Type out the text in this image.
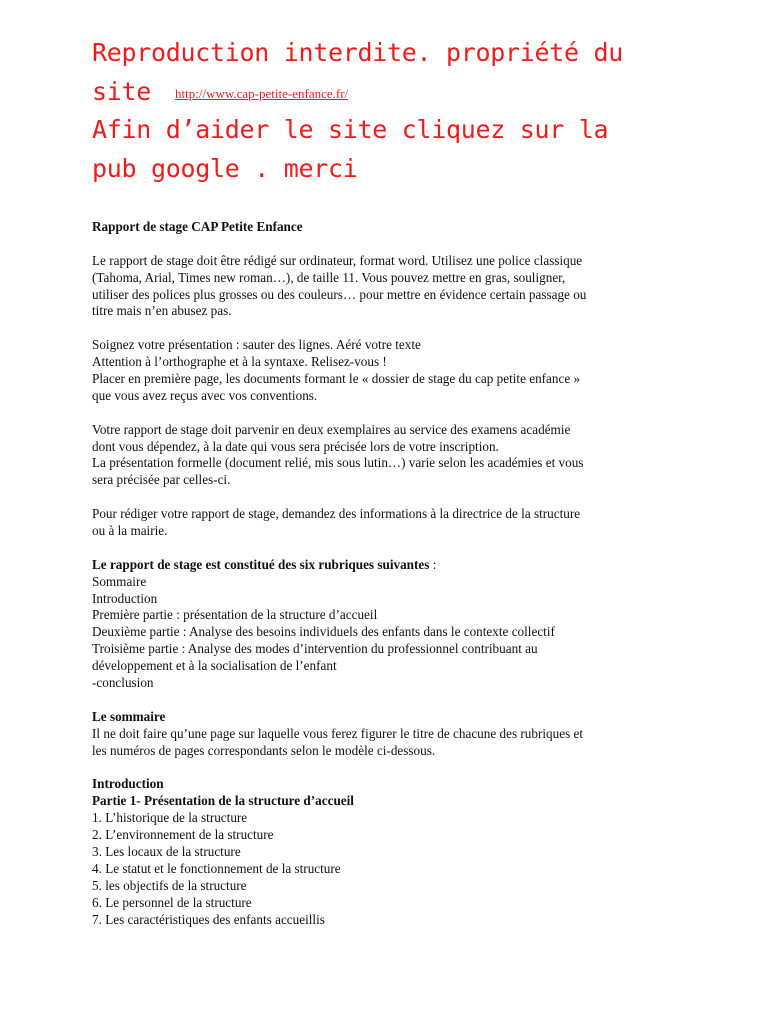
Reproduction interdite. propriété du
site http://www.cap-petite-enfance.fr/
Afin d’aider le site cliquez sur la
pub google . merci
Rapport de stage CAP Petite Enfance
Le rapport de stage doit être rédigé sur ordinateur, format word. Utilisez une police classique
(Tahoma, Arial, Times new roman…), de taille 11. Vous pouvez mettre en gras, souligner,
utiliser des polices plus grosses ou des couleurs… pour mettre en évidence certain passage ou
titre mais n’en abusez pas.
Soignez votre présentation : sauter des lignes. Aéré votre texte
Attention à l’orthographe et à la syntaxe. Relisez-vous !
Placer en première page, les documents formant le « dossier de stage du cap petite enfance »
que vous avez reçus avec vos conventions.
Votre rapport de stage doit parvenir en deux exemplaires au service des examens académie
dont vous dépendez, à la date qui vous sera précisée lors de votre inscription.
La présentation formelle (document relié, mis sous lutin…) varie selon les académies et vous
sera précisée par celles-ci.
Pour rédiger votre rapport de stage, demandez des informations à la directrice de la structure
ou à la mairie.
Le rapport de stage est constitué des six rubriques suivantes :
Sommaire
Introduction
Première partie : présentation de la structure d’accueil
Deuxième partie : Analyse des besoins individuels des enfants dans le contexte collectif
Troisième partie : Analyse des modes d’intervention du professionnel contribuant au
développement et à la socialisation de l’enfant
-conclusion
Le sommaire
Il ne doit faire qu’une page sur laquelle vous ferez figurer le titre de chacune des rubriques et
les numéros de pages correspondants selon le modèle ci-dessous.
Introduction
Partie 1- Présentation de la structure d’accueil
1. L’historique de la structure
2. L’environnement de la structure
3. Les locaux de la structure
4. Le statut et le fonctionnement de la structure
5. les objectifs de la structure
6. Le personnel de la structure
7. Les caractéristiques des enfants accueillis
